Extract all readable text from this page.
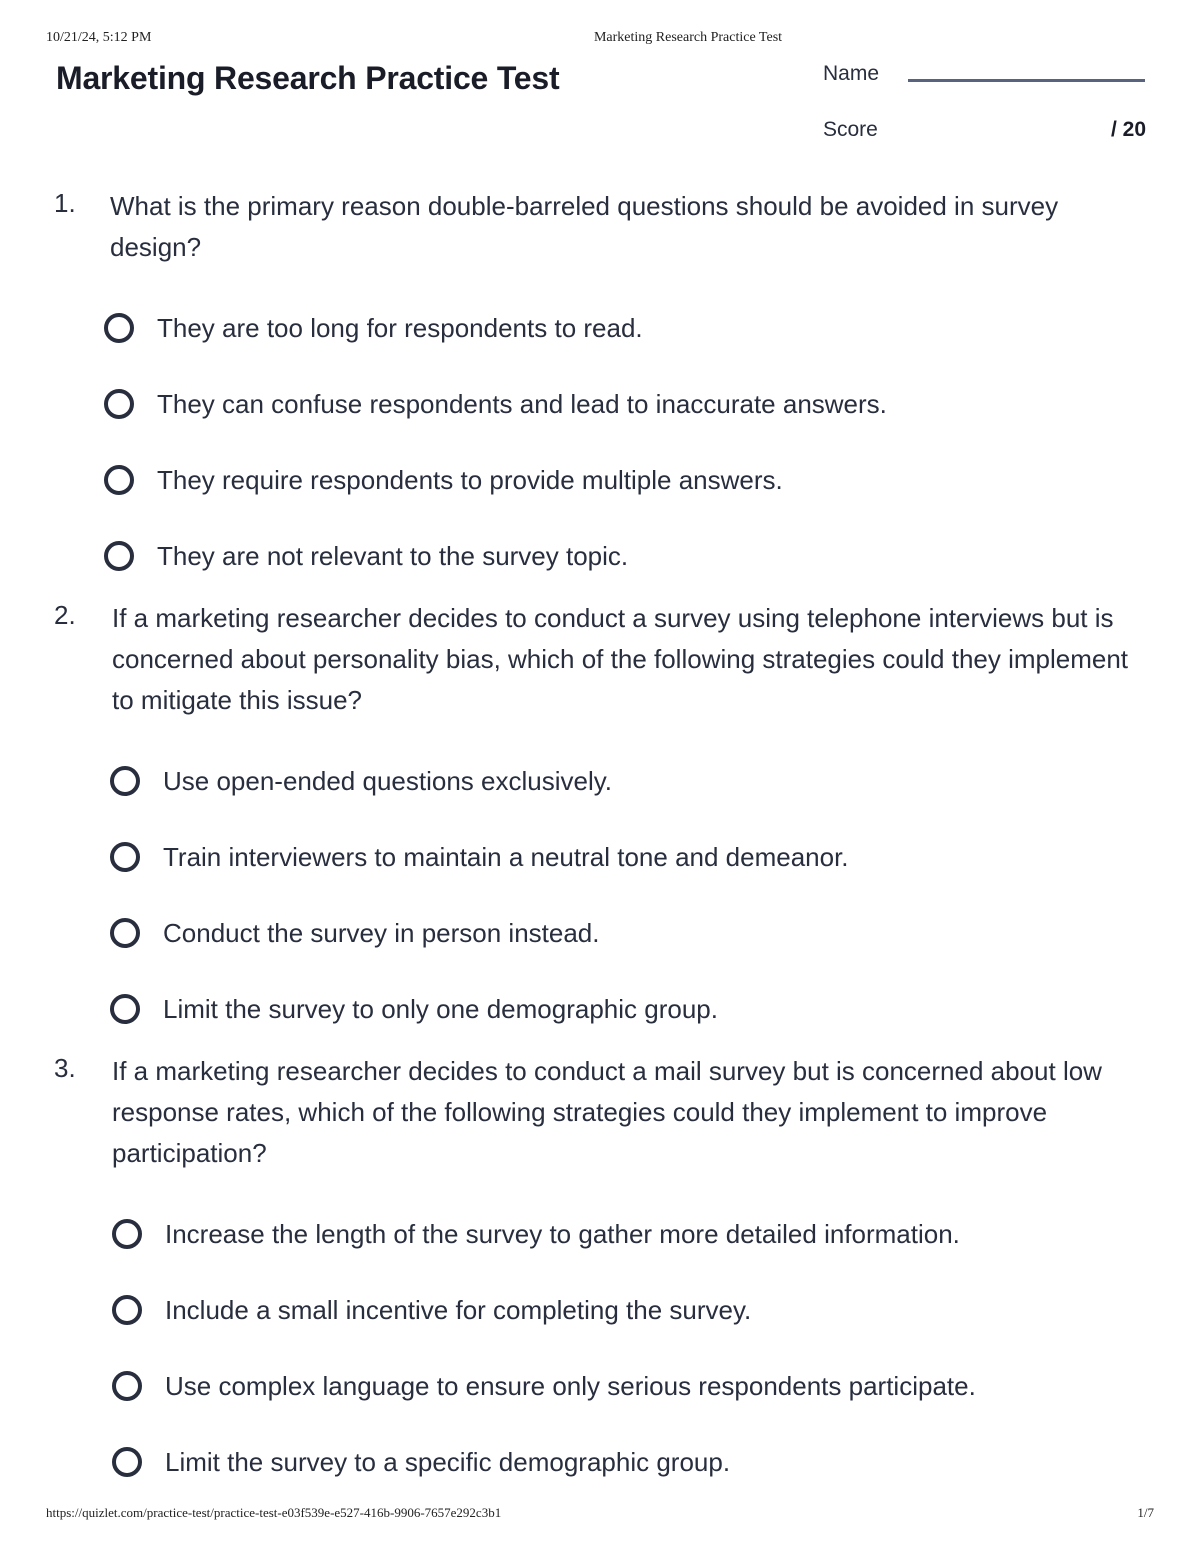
10/21/24, 5:12 PM	Marketing Research Practice Test
Marketing Research Practice Test	Name
Score	/ 20
1. What is the primary reason double-barreled questions should be avoided in survey design?
They are too long for respondents to read.
They can confuse respondents and lead to inaccurate answers.
They require respondents to provide multiple answers.
They are not relevant to the survey topic.
2. If a marketing researcher decides to conduct a survey using telephone interviews but is concerned about personality bias, which of the following strategies could they implement to mitigate this issue?
Use open-ended questions exclusively.
Train interviewers to maintain a neutral tone and demeanor.
Conduct the survey in person instead.
Limit the survey to only one demographic group.
3. If a marketing researcher decides to conduct a mail survey but is concerned about low response rates, which of the following strategies could they implement to improve participation?
Increase the length of the survey to gather more detailed information.
Include a small incentive for completing the survey.
Use complex language to ensure only serious respondents participate.
Limit the survey to a specific demographic group.
https://quizlet.com/practice-test/practice-test-e03f539e-e527-416b-9906-7657e292c3b1	1/7
